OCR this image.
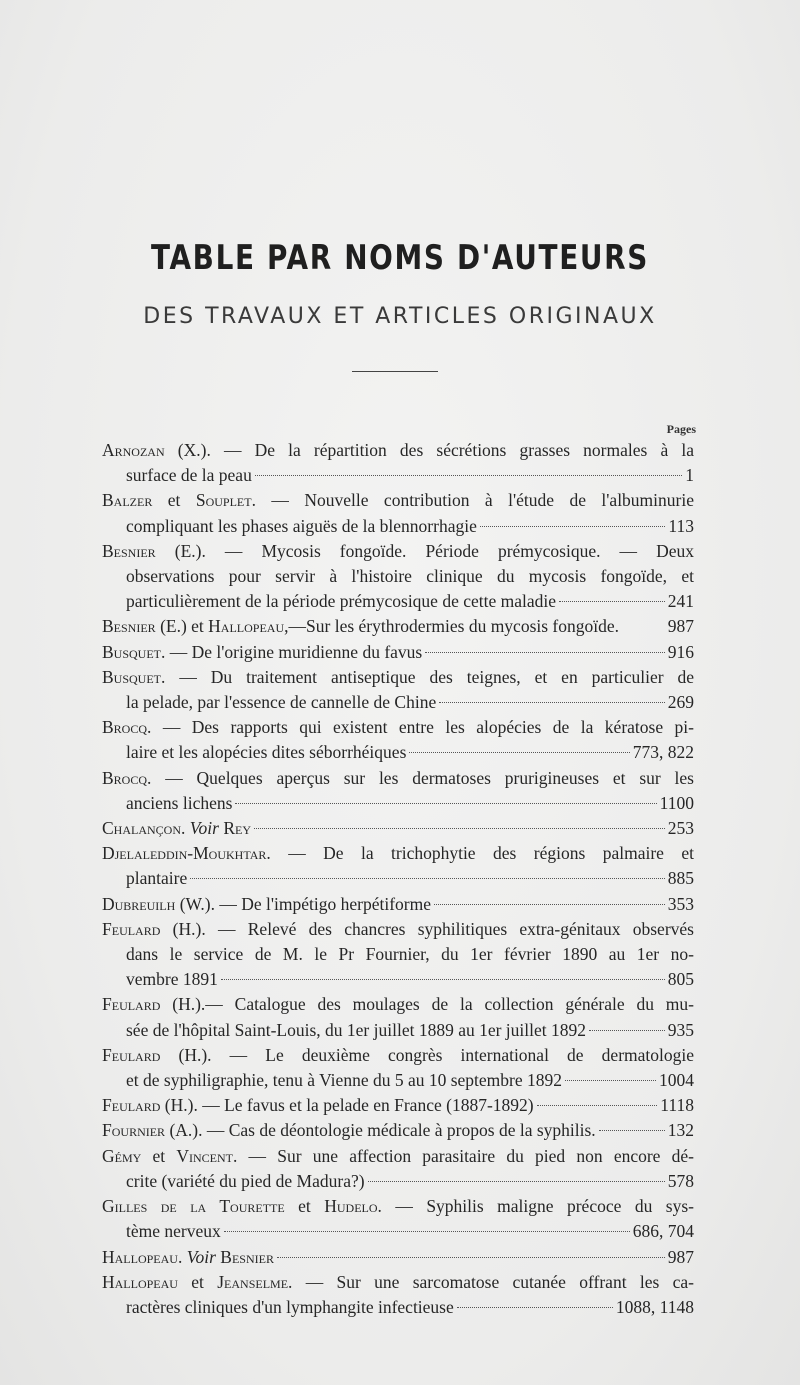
TABLE PAR NOMS D'AUTEURS
DES TRAVAUX ET ARTICLES ORIGINAUX
Pages
Arnozan (X.). — De la répartition des sécrétions grasses normales à la
surface de la peau	1
Balzer et Souplet. — Nouvelle contribution à l'étude de l'albuminurie
compliquant les phases aiguës de la blennorrhagie	113
Besnier (E.). — Mycosis fongoïde. Période prémycosique. — Deux
observations pour servir à l'histoire clinique du mycosis fongoïde, et
particulièrement de la période prémycosique de cette maladie	241
Besnier (E.) et Hallopeau,—Sur les érythrodermies du mycosis fongoïde.	987
Busquet. — De l'origine muridienne du favus	916
Busquet. — Du traitement antiseptique des teignes, et en particulier de
la pelade, par l'essence de cannelle de Chine	269
Brocq. — Des rapports qui existent entre les alopécies de la kératose pi-
laire et les alopécies dites séborrhéiques	773, 822
Brocq. — Quelques aperçus sur les dermatoses prurigineuses et sur les
anciens lichens	1100
Chalançon. Voir Rey	253
Djelaleddin-Moukhtar. — De la trichophytie des régions palmaire et
plantaire	885
Dubreuilh (W.). — De l'impétigo herpétiforme	353
Feulard (H.). — Relevé des chancres syphilitiques extra-génitaux observés
dans le service de M. le Pr Fournier, du 1er février 1890 au 1er no-
vembre 1891	805
Feulard (H.).— Catalogue des moulages de la collection générale du mu-
sée de l'hôpital Saint-Louis, du 1er juillet 1889 au 1er juillet 1892	935
Feulard (H.). — Le deuxième congrès international de dermatologie
et de syphiligraphie, tenu à Vienne du 5 au 10 septembre 1892	1004
Feulard (H.). — Le favus et la pelade en France (1887-1892)	1118
Fournier (A.). — Cas de déontologie médicale à propos de la syphilis.	132
Gémy et Vincent. — Sur une affection parasitaire du pied non encore dé-
crite (variété du pied de Madura?)	578
Gilles de la Tourette et Hudelo. — Syphilis maligne précoce du sys-
tème nerveux	686, 704
Hallopeau. Voir Besnier	987
Hallopeau et Jeanselme. — Sur une sarcomatose cutanée offrant les ca-
ractères cliniques d'un lymphangite infectieuse	1088, 1148
